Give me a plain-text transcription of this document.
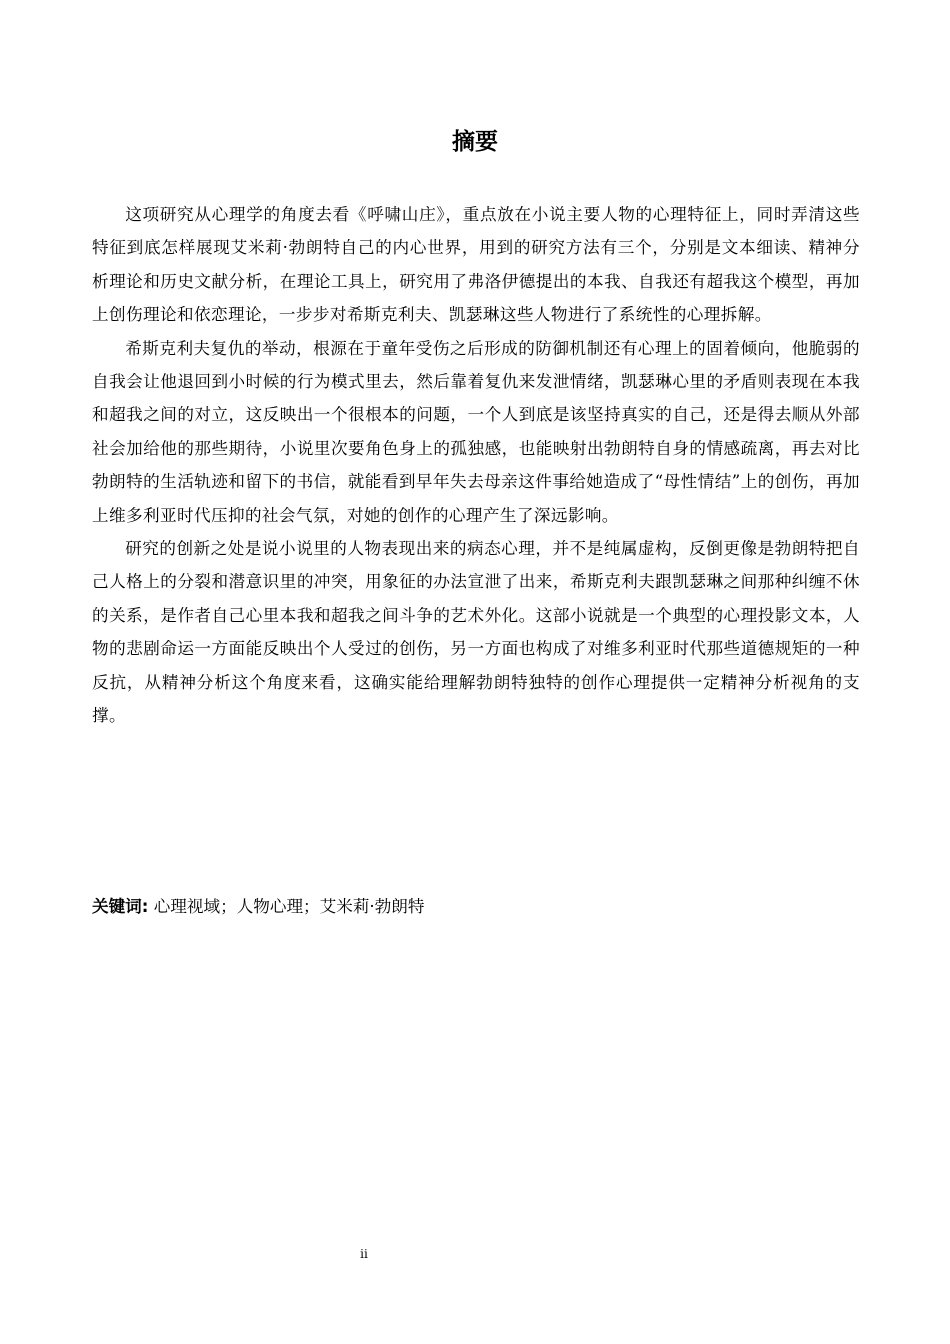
摘要

这项研究从心理学的角度去看《呼啸山庄》，重点放在小说主要人物的心理特征上，同时弄清这些特征到底怎样展现艾米莉·勃朗特自己的内心世界，用到的研究方法有三个，分别是文本细读、精神分析理论和历史文献分析，在理论工具上，研究用了弗洛伊德提出的本我、自我还有超我这个模型，再加上创伤理论和依恋理论，一步步对希斯克利夫、凯瑟琳这些人物进行了系统性的心理拆解。

希斯克利夫复仇的举动，根源在于童年受伤之后形成的防御机制还有心理上的固着倾向，他脆弱的自我会让他退回到小时候的行为模式里去，然后靠着复仇来发泄情绪，凯瑟琳心里的矛盾则表现在本我和超我之间的对立，这反映出一个很根本的问题，一个人到底是该坚持真实的自己，还是得去顺从外部社会加给他的那些期待，小说里次要角色身上的孤独感，也能映射出勃朗特自身的情感疏离，再去对比勃朗特的生活轨迹和留下的书信，就能看到早年失去母亲这件事给她造成了“母性情结”上的创伤，再加上维多利亚时代压抑的社会气氛，对她的创作的心理产生了深远影响。

研究的创新之处是说小说里的人物表现出来的病态心理，并不是纯属虚构，反倒更像是勃朗特把自己人格上的分裂和潜意识里的冲突，用象征的办法宣泄了出来，希斯克利夫跟凯瑟琳之间那种纠缠不休的关系，是作者自己心里本我和超我之间斗争的艺术外化。这部小说就是一个典型的心理投影文本，人物的悲剧命运一方面能反映出个人受过的创伤，另一方面也构成了对维多利亚时代那些道德规矩的一种反抗，从精神分析这个角度来看，这确实能给理解勃朗特独特的创作心理提供一定精神分析视角的支撑。

关键词: 心理视域；人物心理；艾米莉·勃朗特

ii
